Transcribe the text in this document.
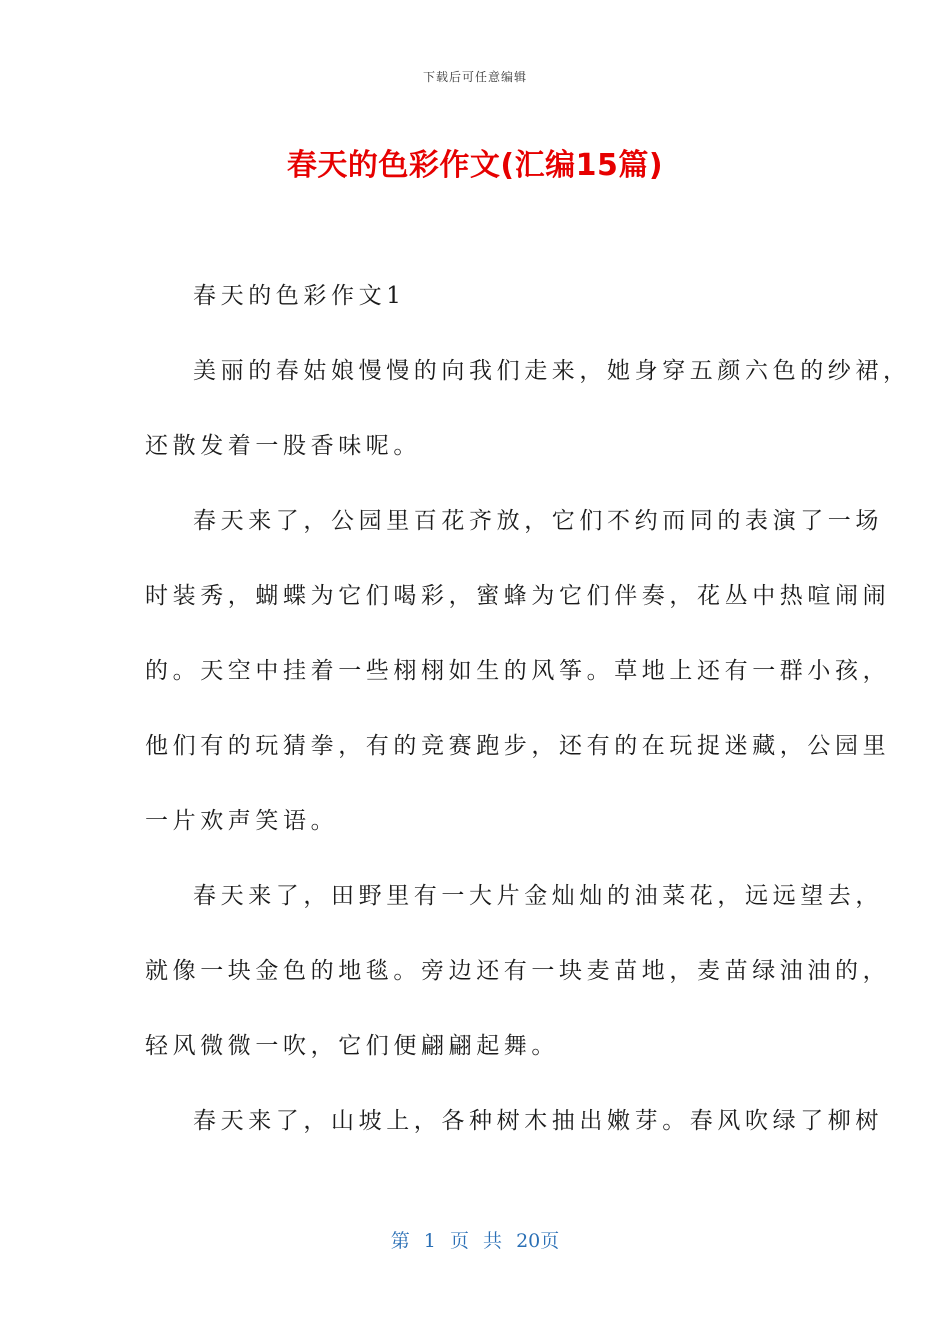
下载后可任意编辑
春天的色彩作文(汇编15篇)
春天的色彩作文1
美丽的春姑娘慢慢的向我们走来，她身穿五颜六色的纱裙，
还散发着一股香味呢。
春天来了，公园里百花齐放，它们不约而同的表演了一场
时装秀，蝴蝶为它们喝彩，蜜蜂为它们伴奏，花丛中热喧闹闹
的。天空中挂着一些栩栩如生的风筝。草地上还有一群小孩，
他们有的玩猜拳，有的竞赛跑步，还有的在玩捉迷藏，公园里
一片欢声笑语。
春天来了，田野里有一大片金灿灿的油菜花，远远望去，
就像一块金色的地毯。旁边还有一块麦苗地，麦苗绿油油的，
轻风微微一吹，它们便翩翩起舞。
春天来了，山坡上，各种树木抽出嫩芽。春风吹绿了柳树
第 1 页 共 20页
